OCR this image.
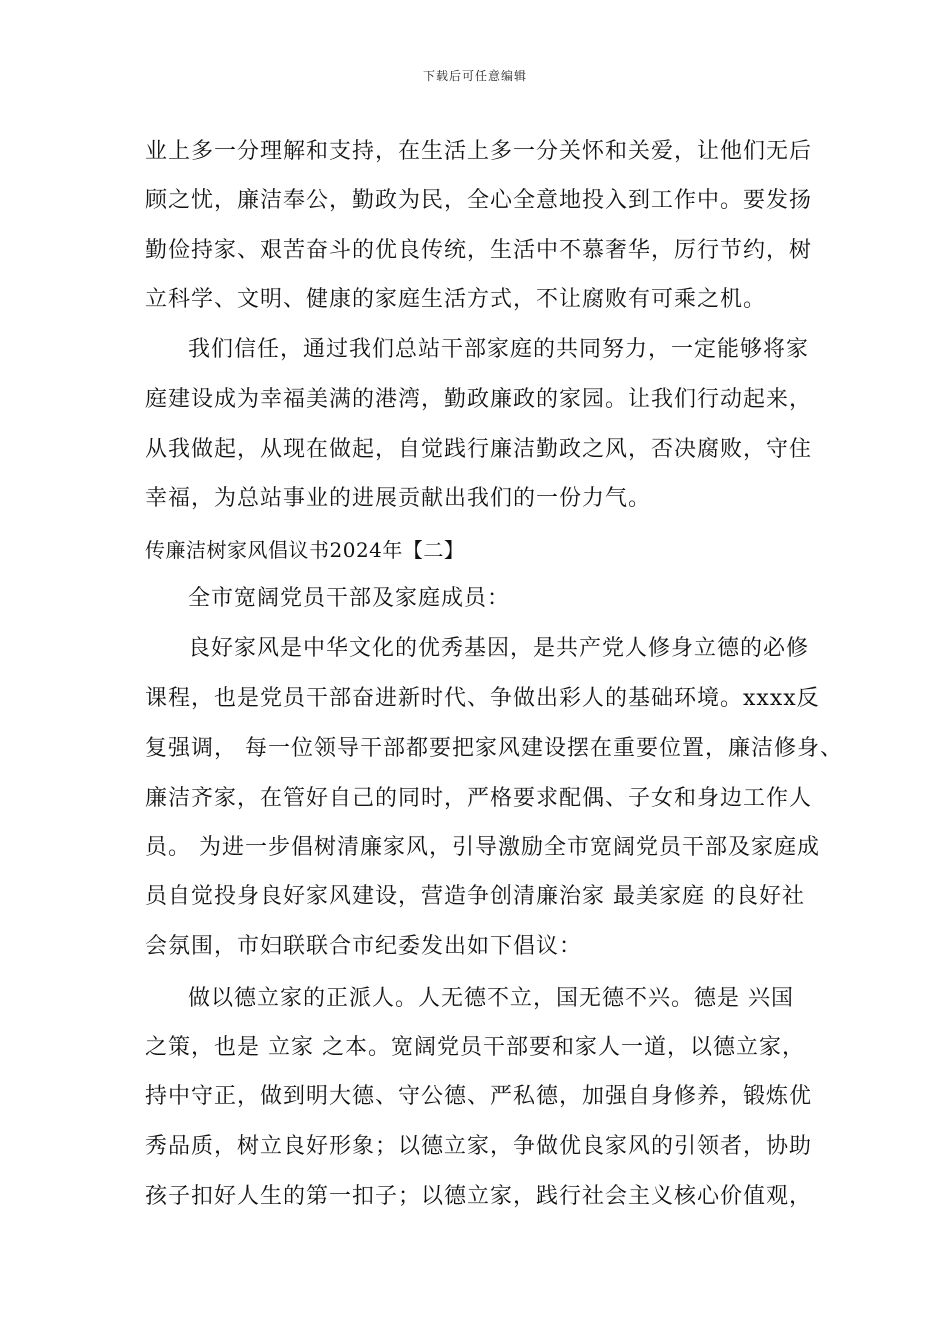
下载后可任意编辑
业上多一分理解和支持，在生活上多一分关怀和关爱，让他们无后
顾之忧，廉洁奉公，勤政为民，全心全意地投入到工作中。要发扬
勤俭持家、艰苦奋斗的优良传统，生活中不慕奢华，厉行节约，树
立科学、文明、健康的家庭生活方式，不让腐败有可乘之机。
我们信任，通过我们总站干部家庭的共同努力，一定能够将家
庭建设成为幸福美满的港湾，勤政廉政的家园。让我们行动起来，
从我做起，从现在做起，自觉践行廉洁勤政之风，否决腐败，守住
幸福，为总站事业的进展贡献出我们的一份力气。
传廉洁树家风倡议书2024年【二】
全市宽阔党员干部及家庭成员：
良好家风是中华文化的优秀基因，是共产党人修身立德的必修
课程，也是党员干部奋进新时代、争做出彩人的基础环境。xxxx反
复强调， 每一位领导干部都要把家风建设摆在重要位置，廉洁修身、
廉洁齐家，在管好自己的同时，严格要求配偶、子女和身边工作人
员。 为进一步倡树清廉家风，引导激励全市宽阔党员干部及家庭成
员自觉投身良好家风建设，营造争创清廉治家 最美家庭 的良好社
会氛围，市妇联联合市纪委发出如下倡议：
做以德立家的正派人。人无德不立，国无德不兴。德是 兴国
之策，也是 立家 之本。宽阔党员干部要和家人一道，以德立家，
持中守正，做到明大德、守公德、严私德，加强自身修养，锻炼优
秀品质，树立良好形象；以德立家，争做优良家风的引领者，协助
孩子扣好人生的第一扣子；以德立家，践行社会主义核心价值观，
